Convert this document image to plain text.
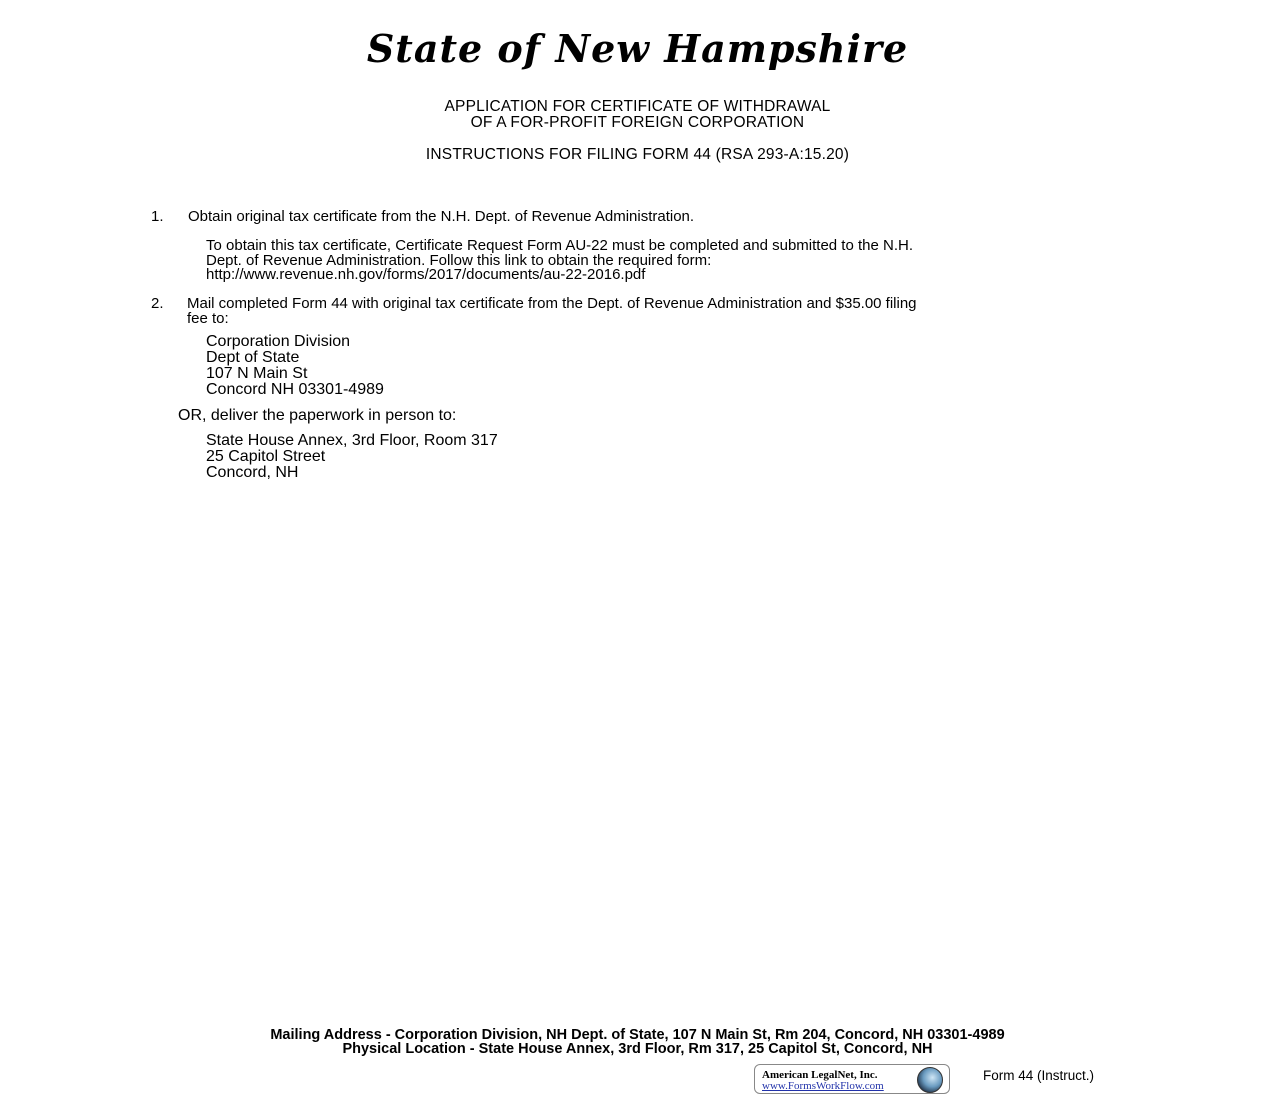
State of New Hampshire
APPLICATION FOR CERTIFICATE OF WITHDRAWAL
OF A FOR-PROFIT FOREIGN CORPORATION
INSTRUCTIONS FOR FILING FORM 44 (RSA 293-A:15.20)
1. Obtain original tax certificate from the N.H. Dept. of Revenue Administration.
To obtain this tax certificate, Certificate Request Form AU-22 must be completed and submitted to the N.H.
Dept. of Revenue Administration. Follow this link to obtain the required form:
http://www.revenue.nh.gov/forms/2017/documents/au-22-2016.pdf
2. Mail completed Form 44 with original tax certificate from the Dept. of Revenue Administration and $35.00 filing
fee to:
Corporation Division
Dept of State
107 N Main St
Concord NH 03301-4989
OR, deliver the paperwork in person to:
State House Annex, 3rd Floor, Room 317
25 Capitol Street
Concord, NH
Mailing Address - Corporation Division, NH Dept. of State, 107 N Main St, Rm 204, Concord, NH 03301-4989
Physical Location - State House Annex, 3rd Floor, Rm 317, 25 Capitol St, Concord, NH
American LegalNet, Inc.
www.FormsWorkFlow.com
Form 44 (Instruct.)
